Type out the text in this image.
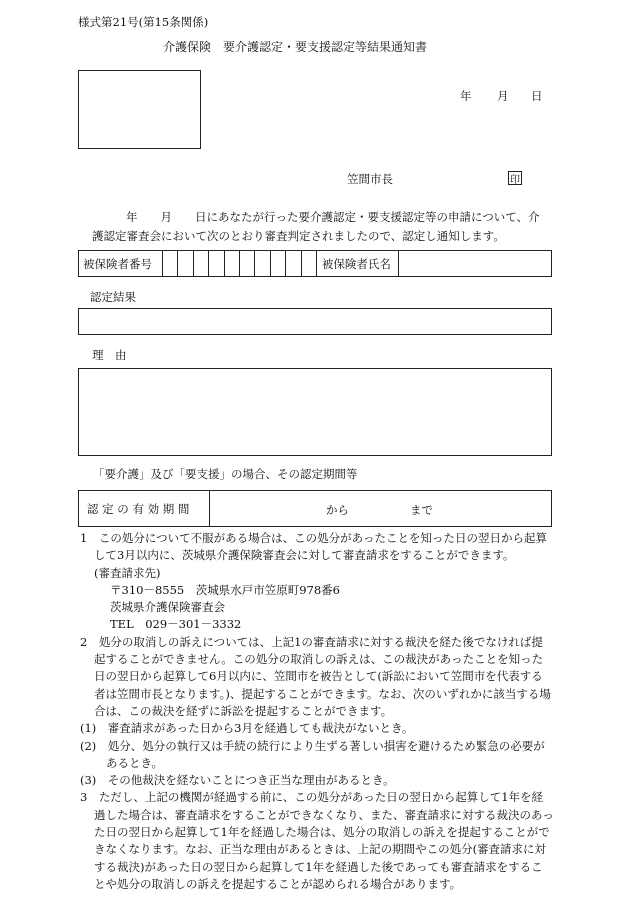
様式第21号(第15条関係)
介護保険　要介護認定・要支援認定等結果通知書
年 月 日
笠間市長	印
年　　月　　日にあなたが行った要介護認定・要支援認定等の申請について、介
護認定審査会において次のとおり審査判定されましたので、認定し通知します。
被保険者番号	被保険者氏名
認定結果
理　由
「要介護」及び「要支援」の場合、その認定期間等
認 定 の 有 効 期 間	から	まで

1　この処分について不服がある場合は、この処分があったことを知った日の翌日から起算して3月以内に、茨城県介護保険審査会に対して審査請求をすることができます。

(審査請求先)

〒310－8555　茨城県水戸市笠原町978番6

茨城県介護保険審査会

TEL　029－301－3332

2　処分の取消しの訴えについては、上記1の審査請求に対する裁決を経た後でなければ提起することができません。この処分の取消しの訴えは、この裁決があったことを知った日の翌日から起算して6月以内に、笠間市を被告として(訴訟において笠間市を代表する者は笠間市長となります。)、提起することができます。なお、次のいずれかに該当する場合は、この裁決を経ずに訴訟を提起することができます。

(1)　審査請求があった日から3月を経過しても裁決がないとき。

(2)　処分、処分の執行又は手続の続行により生ずる著しい損害を避けるため緊急の必要があるとき。

(3)　その他裁決を経ないことにつき正当な理由があるとき。

3　ただし、上記の機関が経過する前に、この処分があった日の翌日から起算して1年を経過した場合は、審査請求をすることができなくなり、また、審査請求に対する裁決のあった日の翌日から起算して1年を経過した場合は、処分の取消しの訴えを提起することができなくなります。なお、正当な理由があるときは、上記の期間やこの処分(審査請求に対する裁決)があった日の翌日から起算して1年を経過した後であっても審査請求をすることや処分の取消しの訴えを提起することが認められる場合があります。
